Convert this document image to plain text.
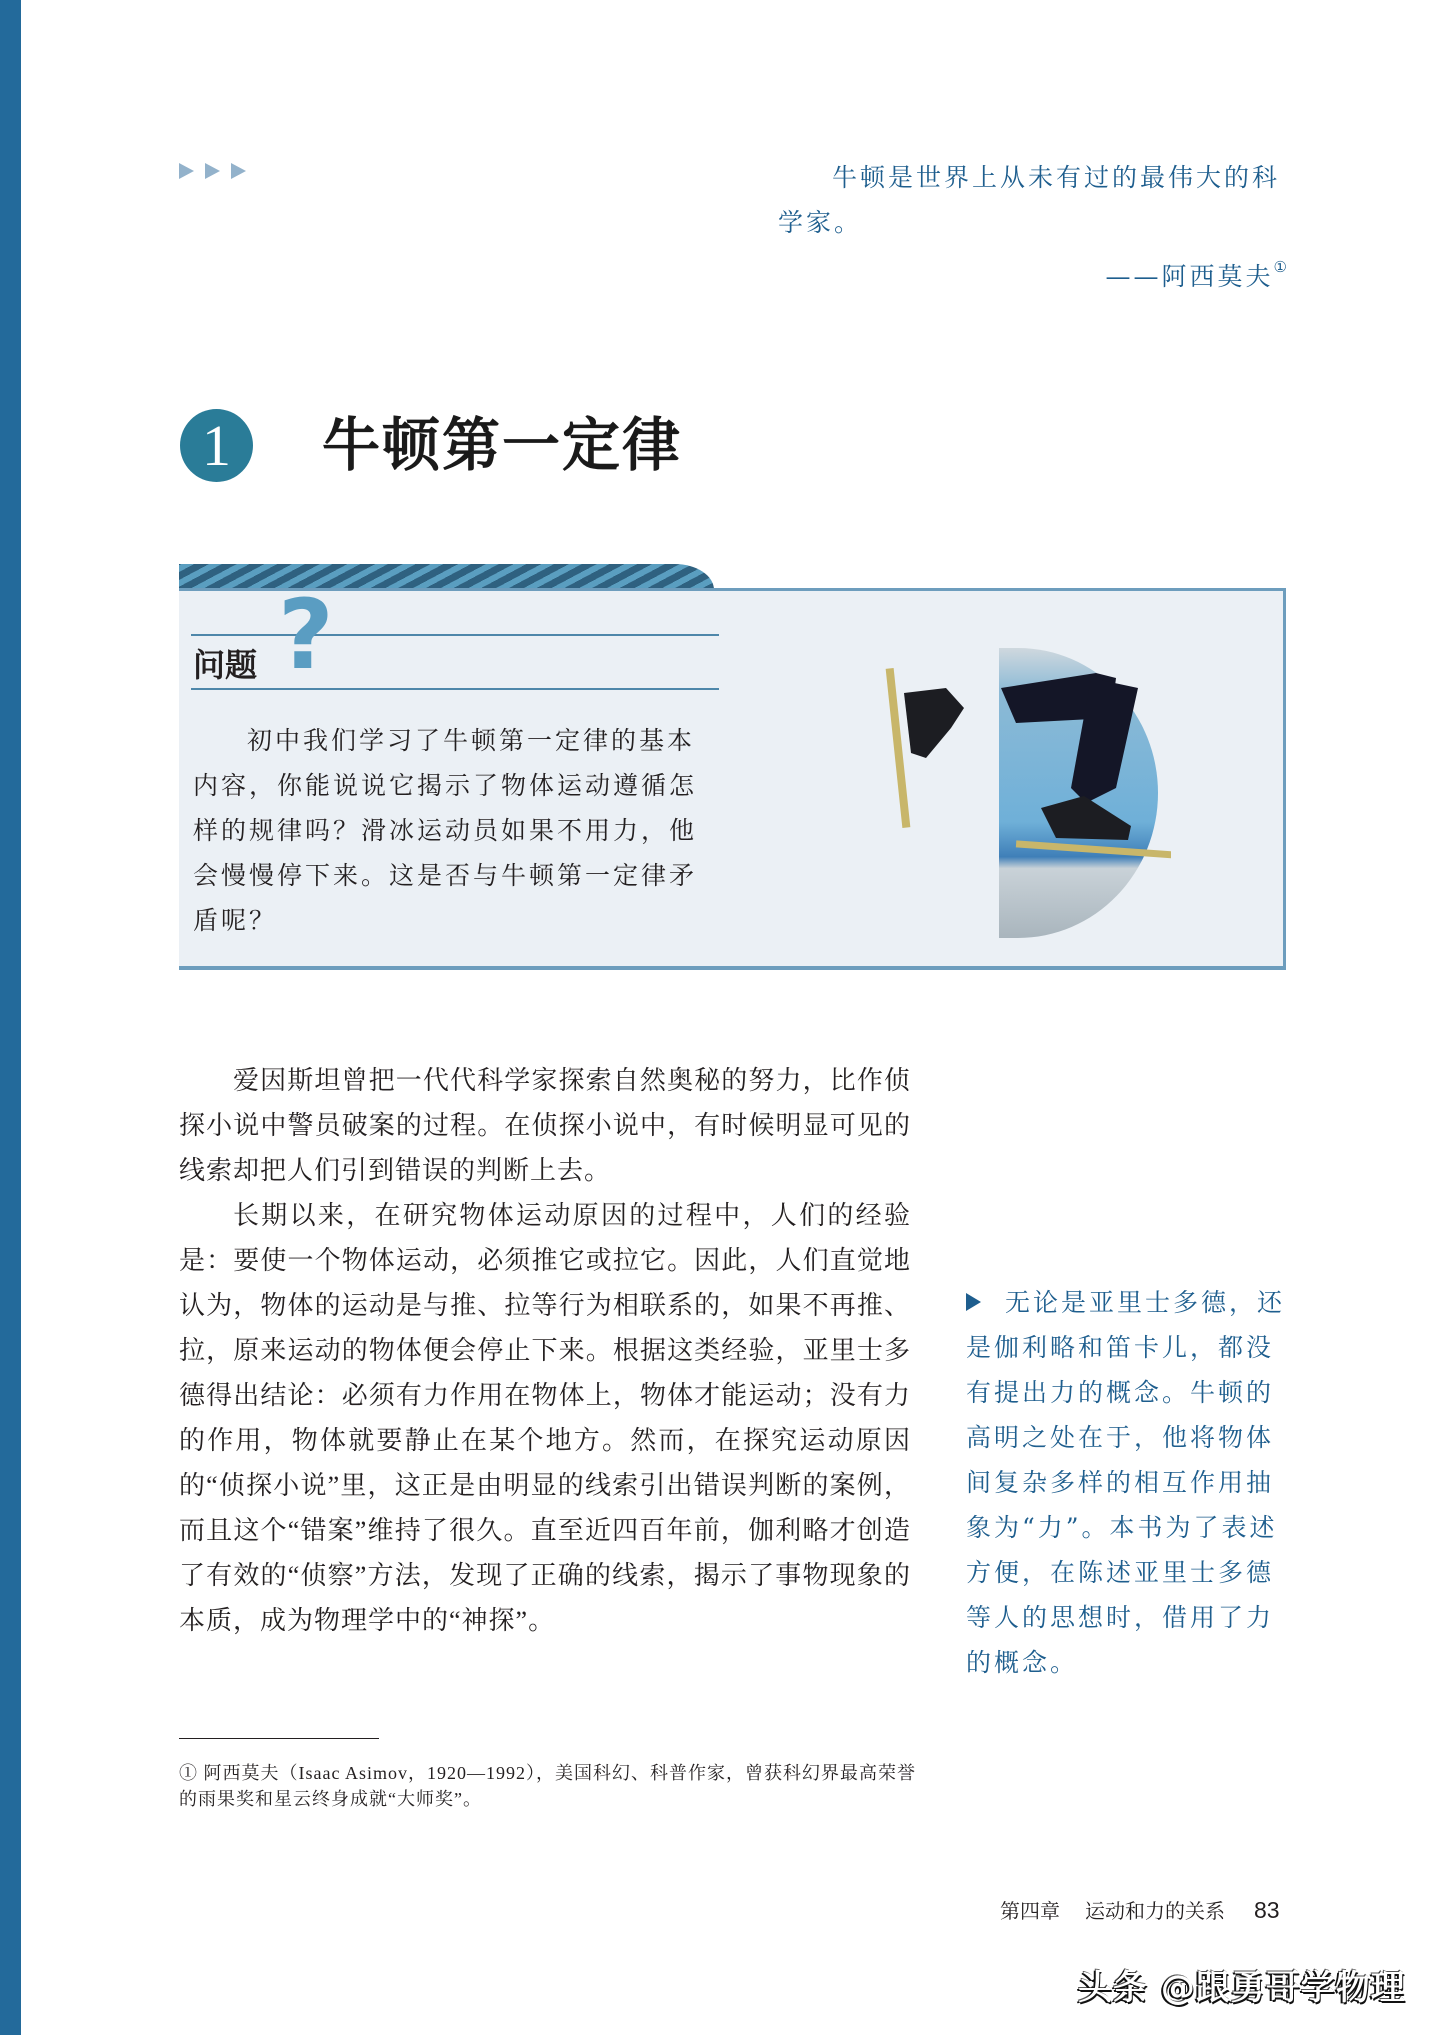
牛顿是世界上从未有过的最伟大的科
学家。
——阿西莫夫①
1	牛顿第一定律
?
问题

初中我们学习了牛顿第一定律的基本内容，你能说说它揭示了物体运动遵循怎样的规律吗？滑冰运动员如果不用力，他会慢慢停下来。这是否与牛顿第一定律矛盾呢？

爱因斯坦曾把一代代科学家探索自然奥秘的努力，比作侦探小说中警员破案的过程。在侦探小说中，有时候明显可见的线索却把人们引到错误的判断上去。

长期以来，在研究物体运动原因的过程中，人们的经验是：要使一个物体运动，必须推它或拉它。因此，人们直觉地认为，物体的运动是与推、拉等行为相联系的，如果不再推、拉，原来运动的物体便会停止下来。根据这类经验，亚里士多德得出结论：必须有力作用在物体上，物体才能运动；没有力的作用，物体就要静止在某个地方。然而，在探究运动原因的“侦探小说”里，这正是由明显的线索引出错误判断的案例，而且这个“错案”维持了很久。直至近四百年前，伽利略才创造了有效的“侦察”方法，发现了正确的线索，揭示了事物现象的本质，成为物理学中的“神探”。

无论是亚里士多德，还是伽利略和笛卡儿，都没有提出力的概念。牛顿的高明之处在于，他将物体间复杂多样的相互作用抽象为“力”。本书为了表述方便，在陈述亚里士多德等人的思想时，借用了力的概念。
① 阿西莫夫（Isaac Asimov，1920—1992），美国科幻、科普作家，曾获科幻界最高荣誉的雨果奖和星云终身成就“大师奖”。
第四章 运动和力的关系 83
头条 @跟勇哥学物理
